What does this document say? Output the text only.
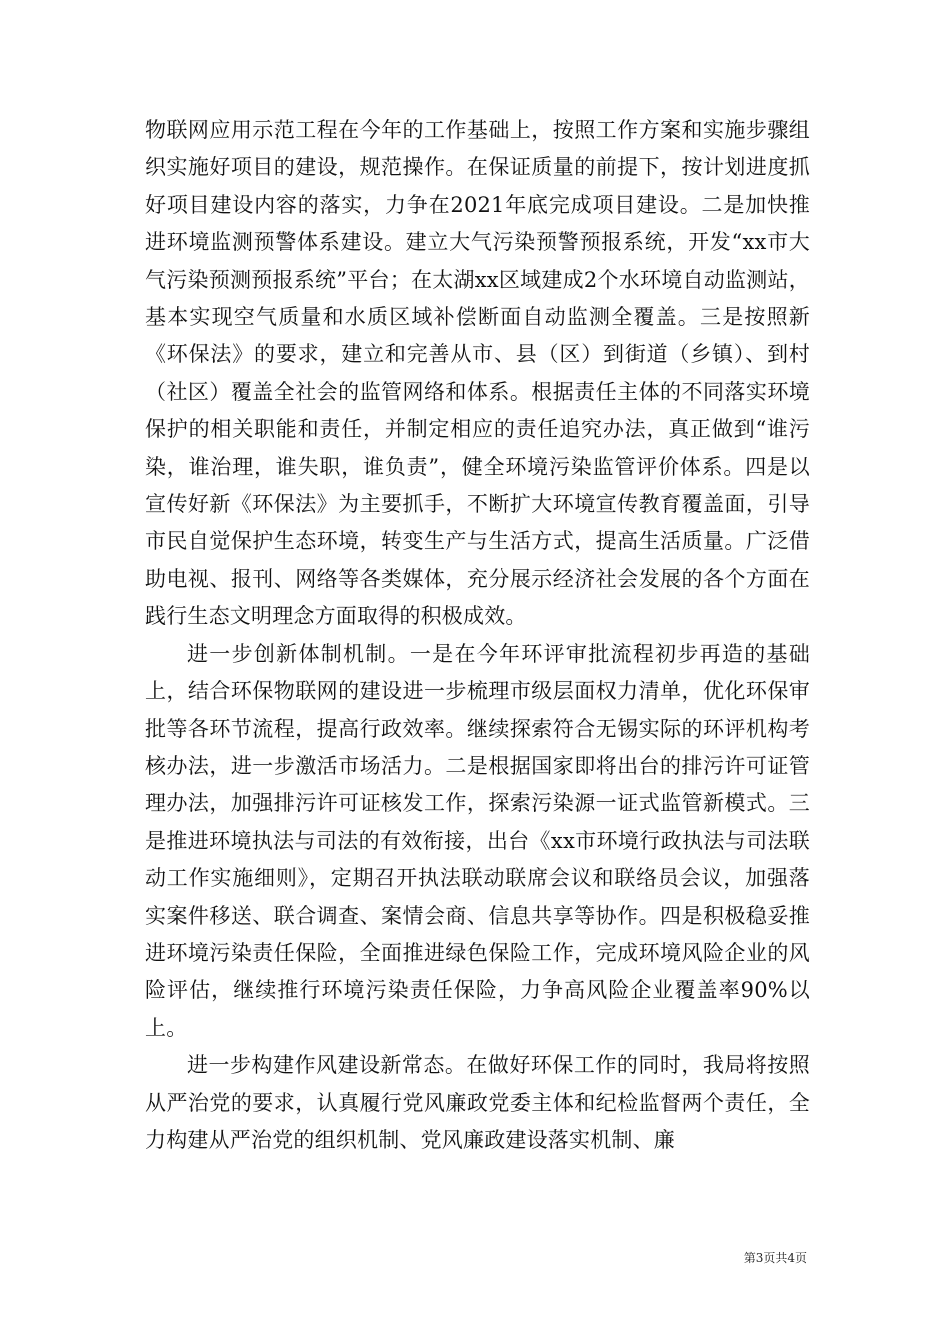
物联网应用示范工程在今年的工作基础上，按照工作方案和实施步骤组织实施好项目的建设，规范操作。在保证质量的前提下，按计划进度抓好项目建设内容的落实，力争在2021年底完成项目建设。二是加快推进环境监测预警体系建设。建立大气污染预警预报系统，开发“xx市大气污染预测预报系统”平台；在太湖xx区域建成2个水环境自动监测站，基本实现空气质量和水质区域补偿断面自动监测全覆盖。三是按照新《环保法》的要求，建立和完善从市、县（区）到街道（乡镇）、到村（社区）覆盖全社会的监管网络和体系。根据责任主体的不同落实环境保护的相关职能和责任，并制定相应的责任追究办法，真正做到“谁污染，谁治理，谁失职，谁负责”，健全环境污染监管评价体系。四是以宣传好新《环保法》为主要抓手，不断扩大环境宣传教育覆盖面，引导市民自觉保护生态环境，转变生产与生活方式，提高生活质量。广泛借助电视、报刊、网络等各类媒体，充分展示经济社会发展的各个方面在践行生态文明理念方面取得的积极成效。

进一步创新体制机制。一是在今年环评审批流程初步再造的基础上，结合环保物联网的建设进一步梳理市级层面权力清单，优化环保审批等各环节流程，提高行政效率。继续探索符合无锡实际的环评机构考核办法，进一步激活市场活力。二是根据国家即将出台的排污许可证管理办法，加强排污许可证核发工作，探索污染源一证式监管新模式。三是推进环境执法与司法的有效衔接，出台《xx市环境行政执法与司法联动工作实施细则》，定期召开执法联动联席会议和联络员会议，加强落实案件移送、联合调查、案情会商、信息共享等协作。四是积极稳妥推进环境污染责任保险，全面推进绿色保险工作，完成环境风险企业的风险评估，继续推行环境污染责任保险，力争高风险企业覆盖率90%以上。

进一步构建作风建设新常态。在做好环保工作的同时，我局将按照从严治党的要求，认真履行党风廉政党委主体和纪检监督两个责任，全力构建从严治党的组织机制、党风廉政建设落实机制、廉

第3页共4页
